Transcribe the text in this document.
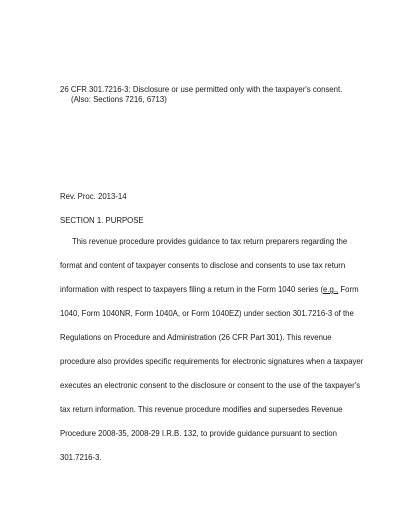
26 CFR 301.7216-3: Disclosure or use permitted only with the taxpayer's consent.
(Also: Sections 7216, 6713)
Rev. Proc. 2013-14
SECTION 1. PURPOSE
This revenue procedure provides guidance to tax return preparers regarding the
format and content of taxpayer consents to disclose and consents to use tax return
information with respect to taxpayers filing a return in the Form 1040 series (e.g., Form
1040, Form 1040NR, Form 1040A, or Form 1040EZ) under section 301.7216-3 of the
Regulations on Procedure and Administration (26 CFR Part 301). This revenue
procedure also provides specific requirements for electronic signatures when a taxpayer
executes an electronic consent to the disclosure or consent to the use of the taxpayer's
tax return information. This revenue procedure modifies and supersedes Revenue
Procedure 2008-35, 2008-29 I.R.B. 132, to provide guidance pursuant to section
301.7216-3.
